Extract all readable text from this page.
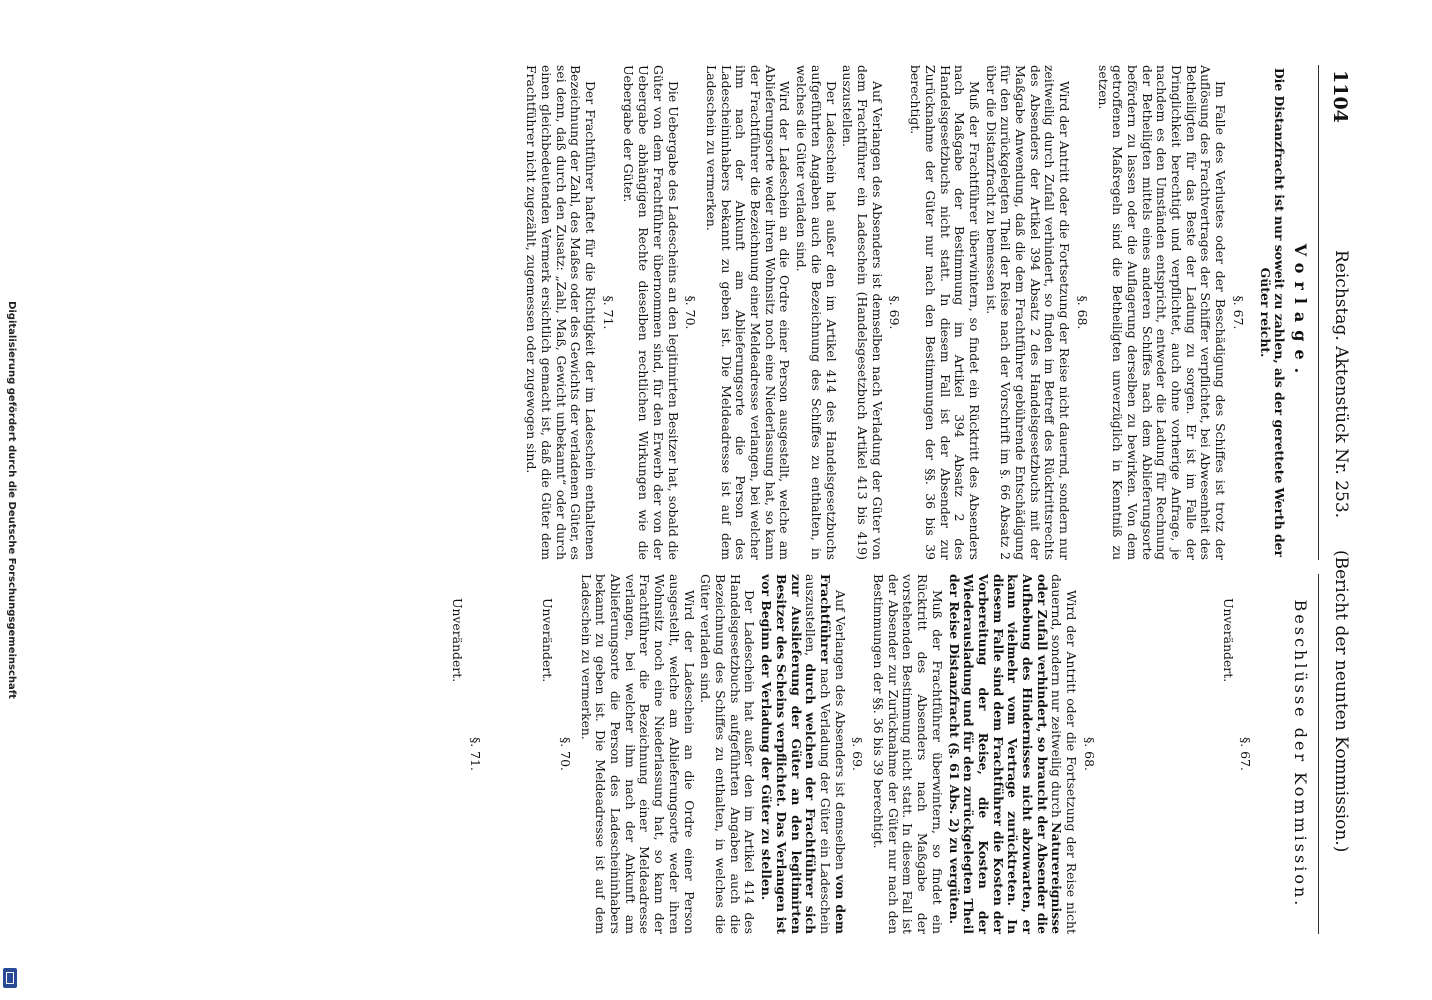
Digitalisierung gefördert durch die Deutsche Forschungsgemeinschaft
1104
Reichstag. Aktenstück Nr. 253.
(Bericht der neunten Kommission.)
Vorlage.
Die Distanzfracht ist nur soweit zu zahlen, als der gerettete Werth der Güter reicht.
§. 67.

Im Falle des Verlustes oder der Beschädigung des Schiffes ist trotz der Auflösung des Frachtvertrages der Schiffer verpflichtet, bei Abwesenheit des Betheiligten für das Beste der Ladung zu sorgen. Er ist im Falle der Dringlichkeit berechtigt und verpflichtet, auch ohne vorherige Anfrage, je nachdem es den Umständen entspricht, entweder die Ladung für Rechnung der Betheiligten mittels eines anderen Schiffes nach dem Ablieferungsorte befördern zu lassen oder die Auflagerung derselben zu bewirken. Von dem getroffenen Maßregeln sind die Betheiligten unverzüglich in Kenntniß zu setzen.

§. 68.

Wird der Antritt oder die Fortsetzung der Reise nicht dauernd, sondern nur zeitweilig durch Zufall verhindert, so finden im Betreff des Rücktrittsrechts des Absenders der Artikel 394 Absatz 2 des Handelsgesetzbuchs mit der Maßgabe Anwendung, daß die dem Frachtführer gebührende Entschädigung für den zurückgelegten Theil der Reise nach der Vorschrift im §. 66 Absatz 2 über die Distanzfracht zu bemessen ist.

Muß der Frachtführer überwintern, so findet ein Rücktritt des Absenders nach Maßgabe der Bestimmung im Artikel 394 Absatz 2 des Handelsgesetzbuchs nicht statt. In diesem Fall ist der Absender zur Zurücknahme der Güter nur nach den Bestimmungen der §§. 36 bis 39 berechtigt.

§. 69.

Auf Verlangen des Absenders ist demselben nach Verladung der Güter von dem Frachtführer ein Ladeschein (Handelsgesetzbuch Artikel 413 bis 419) auszustellen.

Der Ladeschein hat außer den im Artikel 414 des Handelsgesetzbuchs aufgeführten Angaben auch die Bezeichnung des Schiffes zu enthalten, in welches die Güter verladen sind.

Wird der Ladeschein an die Ordre einer Person ausgestellt, welche am Ablieferungsorte weder ihren Wohnsitz noch eine Niederlassung hat, so kann der Frachtführer die Bezeichnung einer Meldeadresse verlangen, bei welcher ihm nach der Ankunft am Ablieferungsorte die Person des Ladescheininhabers bekannt zu geben ist. Die Meldeadresse ist auf dem Ladeschein zu vermerken.

§. 70.

Die Uebergabe des Ladescheins an den legitimirten Besitzer hat, sobald die Güter von dem Frachtführer übernommen sind, für den Erwerb der von der Uebergabe abhängigen Rechte dieselben rechtlichen Wirkungen wie die Uebergabe der Güter.

§. 71.

Der Frachtführer haftet für die Richtigkeit der im Ladeschein enthaltenen Bezeichnung der Zahl, des Maßes oder des Gewichts der verladenen Güter, es sei denn, daß durch den Zusatz: „Zahl, Maß, Gewicht unbekannt“ oder durch einen gleichbedeutenden Vermerk ersichtlich gemacht ist, daß die Güter dem Frachtführer nicht zugezählt, zugemessen oder zugewogen sind.

Beschlüsse der Kommission.
§. 67.

Unverändert.

§. 68.

Wird der Antritt oder die Fortsetzung der Reise nicht dauernd, sondern nur zeitweilig durch Naturereignisse oder Zufall verhindert, so braucht der Absender die Aufhebung des Hindernisses nicht abzuwarten, er kann vielmehr vom Vertrage zurücktreten. In diesem Falle sind dem Frachtführer die Kosten der Vorbereitung der Reise, die Kosten der Wiederausladung und für den zurückgelegten Theil der Reise Distanzfracht (§. 61 Abs. 2) zu vergüten.

Muß der Frachtführer überwintern, so findet ein Rücktritt des Absenders nach Maßgabe der vorstehenden Bestimmung nicht statt. In diesem Fall ist der Absender zur Zurücknahme der Güter nur nach den Bestimmungen der §§. 36 bis 39 berechtigt.

§. 69.

Auf Verlangen des Absenders ist demselben von dem Frachtführer nach Verladung der Güter ein Ladeschein auszustellen, durch welchen der Frachtführer sich zur Auslieferung der Güter an den legitimirten Besitzer des Scheins verpflichtet. Das Verlangen ist vor Beginn der Verladung der Güter zu stellen.

Der Ladeschein hat außer den im Artikel 414 des Handelsgesetzbuchs aufgeführten Angaben auch die Bezeichnung des Schiffes zu enthalten, in welches die Güter verladen sind.

Wird der Ladeschein an die Ordre einer Person ausgestellt, welche am Ablieferungsorte weder ihren Wohnsitz noch eine Niederlassung hat, so kann der Frachtführer die Bezeichnung einer Meldeadresse verlangen, bei welcher ihm nach der Ankunft am Ablieferungsorte die Person des Ladescheininhabers bekannt zu geben ist. Die Meldeadresse ist auf dem Ladeschein zu vermerken.

§. 70.

Unverändert.

§. 71.

Unverändert.
